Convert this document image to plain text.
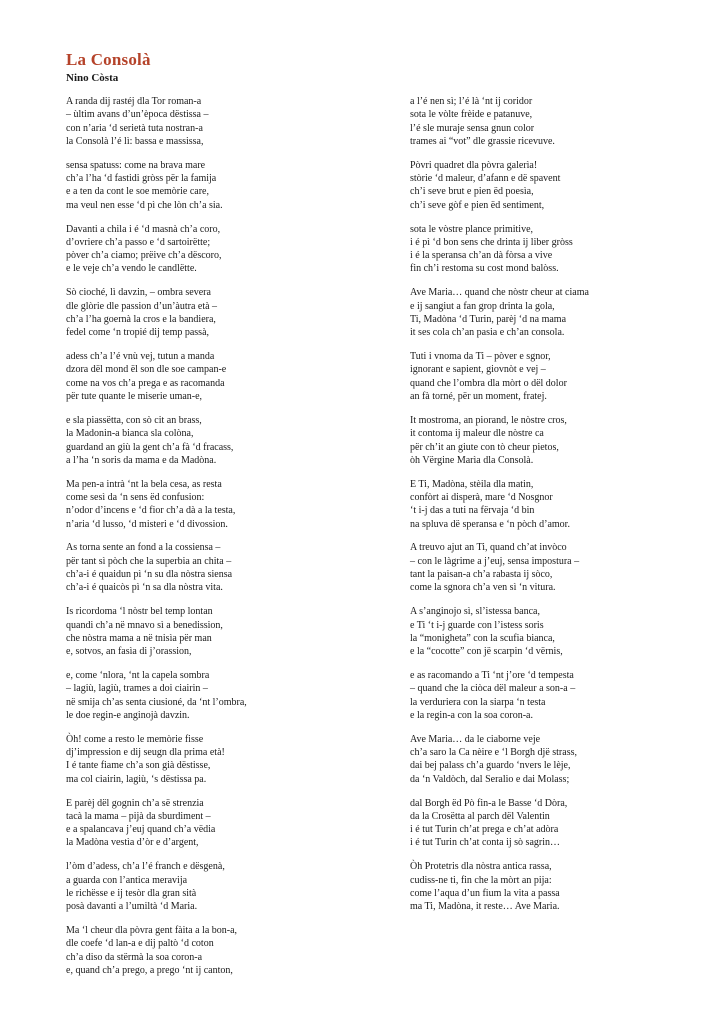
La Consolà
Nino Còsta
A randa dij rastéj dla Tor roman-a
– ùltim avans d’un’època dëstissa –
con n’aria ‘d serietà tuta nostran-a
la Consolà l’é lì: bassa e massissa,
sensa spatuss: come na brava mare
ch’a l’ha ‘d fastidi gròss për la famija
e a ten da cont le soe memòrie care,
ma veul nen esse ‘d pì che lòn ch’a sia.
Davanti a chila i é ‘d masnà ch’a coro,
d’ovriere ch’a passo e ‘d sartoirëtte;
pòver ch’a ciamo; prëive ch’a dëscoro,
e le veje ch’a vendo le candlëtte.
Sò cioché, lì davzin, – ombra severa
dle glòrie dle passion d’un’àutra età –
ch’a l’ha goernà la cros e la bandiera,
fedel come ‘n tropié dij temp passà,
adess ch’a l’é vnù vej, tutun a manda
dzora dël mond ël son dle soe campan-e
come na vos ch’a prega e as racomanda
për tute quante le miserie uman-e,
e sla piassëtta, con sò cit an brass,
la Madonin-a bianca sla colòna,
guardand an giù la gent ch’a fà ‘d fracass,
a l’ha ‘n soris da mama e da Madòna.
Ma pen-a intrà ‘nt la bela cesa, as resta
come sesì da ‘n sens ëd confusion:
n’odor d’incens e ‘d fior ch’a dà a la testa,
n’aria ‘d lusso, ‘d misteri e ‘d divossion.
As torna sente an fond a la cossiensa –
për tant sì pòch che la superbia an chita –
ch’a-i é quaidun pì ‘n su dla nòstra siensa
ch’a-i é quaicòs pì ‘n sa dla nòstra vita.
Is ricordoma ‘l nòstr bel temp lontan
quandi ch’a në mnavo sì a benedission,
che nòstra mama a në tnisìa për man
e, sotvos, an fasìa di j’orassion,
e, come ‘nlora, ‘nt la capela sombra
– lagiù, lagiù, trames a doi ciairin –
në smija ch’as senta ciusioné, da ‘nt l’ombra,
le doe regin-e anginojà davzin.
Òh! come a resto le memòrie fisse
dj’impression e dij seugn dla prima età!
I é tante fiame ch’a son già dëstisse,
ma col ciairin, lagiù, ‘s dëstissa pa.
E parèj dël gognin ch’a së strenzia
tacà la mama – pijà da sburdiment –
e a spalancava j’euj quand ch’a vëdia
la Madòna vestìa d’òr e d’argent,
l’òm d’adess, ch’a l’é franch e dësgenà,
a guarda con l’antica meravija
le richësse e ij tesòr dla gran sità
posà davanti a l’umiltà ‘d Maria.
Ma ‘l cheur dla pòvra gent fàita a la bon-a,
dle coefe ‘d lan-a e dij paltò ‘d coton
ch’a diso da stërmà la soa coron-a
e, quand ch’a prego, a prego ‘nt ij canton,
a l’é nen sì; l’é là ‘nt ij coridor
sota le vòlte frèide e patanuve,
l’é sle muraje sensa gnun color
trames ai “vot” dle grassie ricevuve.
Pòvri quadret dla pòvra galerìa!
stòrie ‘d maleur, d’afann e dë spavent
ch’i seve brut e pien ëd poesìa,
ch’i seve gòf e pien ëd sentiment,
sota le vòstre plance primitive,
i é pì ‘d bon sens che drinta ij liber gròss
i é la speransa ch’an dà fòrsa a vive
fin ch’i restoma su cost mond balòss.
Ave Maria… quand che nòstr cheur at ciama
e ij sangiut a fan grop drinta la gola,
Ti, Madòna ‘d Turin, parèj ‘d na mama
it ses cola ch’an pasia e ch’an consola.
Tuti i vnoma da Ti – pòver e sgnor,
ignorant e sapient, giovnòt e vej –
quand che l’ombra dla mòrt o dël dolor
an fà torné, për un moment, fratej.
It mostroma, an piorand, le nòstre cros,
it contoma ij maleur dle nòstre ca
për ch’it an giute con tò cheur pietos,
òh Vërgine Marìa dla Consolà.
E Ti, Madòna, stèila dla matin,
confòrt ai disperà, mare ‘d Nosgnor
‘t i-j das a tuti na fërvaja ‘d bin
na spluva dë speransa e ‘n pòch d’amor.
A treuvo ajut an Ti, quand ch’at invòco
– con le làgrime a j’euj, sensa impostura –
tant la paisan-a ch’a rabasta ij sòco,
come la sgnora ch’a ven sì ‘n vitura.
A s’anginojo sì, sl’istessa banca,
e Ti ‘t i-j guarde con l’istess soris
la “monigheta” con la scufia bianca,
e la “cocotte” con jë scarpin ‘d vërnis,
e as racomando a Ti ‘nt j’ore ‘d tempesta
– quand che la ciòca dël maleur a son-a –
la verduriera con la siarpa ‘n testa
e la regin-a con la soa coron-a.
Ave Maria… da le ciaborne veje
ch’a saro la Ca nèire e ‘l Borgh djë strass,
dai bej palass ch’a guardo ‘nvers le lèje,
da ‘n Valdòch, dal Seralio e dai Molass;
dal Borgh ëd Pò fin-a le Basse ‘d Dòra,
da la Crosëtta al parch dël Valentin
i é tut Turin ch’at prega e ch’at adòra
i é tut Turin ch’at conta ij sò sagrin…
Òh Protetris dla nòstra antica rassa,
cudiss-ne ti, fin che la mòrt an pija:
come l’aqua d’un fium la vita a passa
ma Ti, Madòna, it reste… Ave Maria.
